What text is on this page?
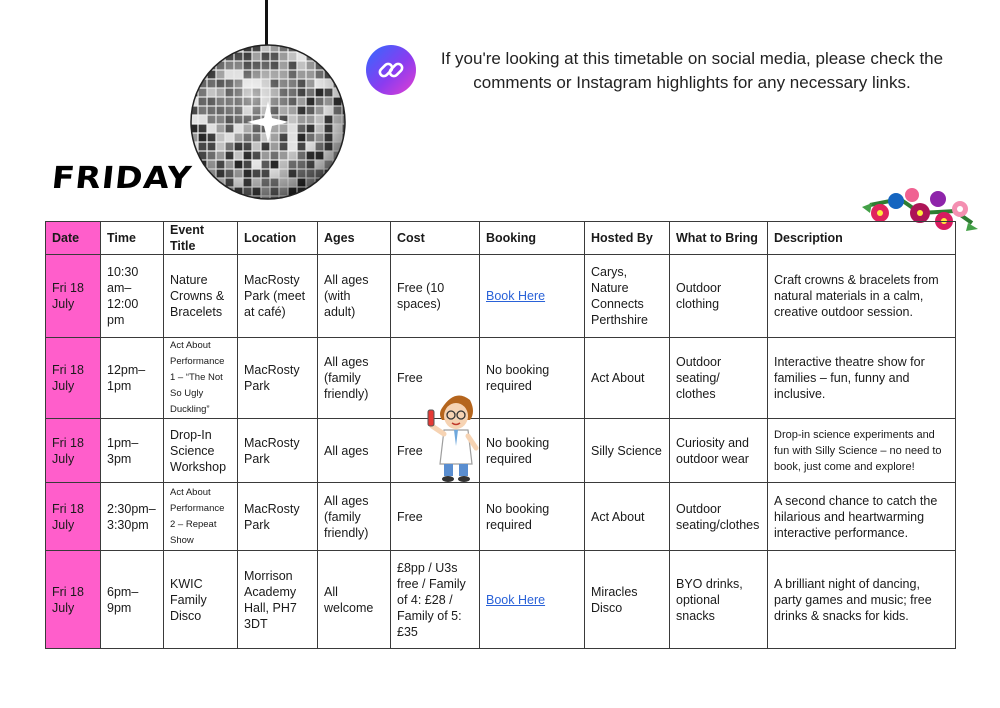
If you're looking at this timetable on social media, please check the comments or Instagram highlights for any necessary links.
FRIDAY
Date	Time	Event Title	Location	Ages	Cost	Booking	Hosted By	What to Bring	Description
Fri 18 July	10:30 am–12:00 pm	Nature Crowns & Bracelets	MacRosty Park (meet at café)	All ages (with adult)	Free (10 spaces)	Book Here	Carys, Nature Connects Perthshire	Outdoor clothing	Craft crowns & bracelets from natural materials in a calm, creative outdoor session.
Fri 18 July	12pm–1pm	Act About Performance 1 – “The Not So Ugly Duckling”	MacRosty Park	All ages (family friendly)	Free	No booking required	Act About	Outdoor seating/ clothes	Interactive theatre show for families – fun, funny and inclusive.
Fri 18 July	1pm–3pm	Drop-In Science Workshop	MacRosty Park	All ages	Free	No booking required	Silly Science	Curiosity and outdoor wear	Drop-in science experiments and fun with Silly Science – no need to book, just come and explore!
Fri 18 July	2:30pm–3:30pm	Act About Performance 2 – Repeat Show	MacRosty Park	All ages (family friendly)	Free	No booking required	Act About	Outdoor seating/clothes	A second chance to catch the hilarious and heartwarming interactive performance.
Fri 18 July	6pm–9pm	KWIC Family Disco	Morrison Academy Hall, PH7 3DT	All welcome	£8pp / U3s free / Family of 4: £28 / Family of 5: £35	Book Here	Miracles Disco	BYO drinks, optional snacks	A brilliant night of dancing, party games and music; free drinks & snacks for kids.
